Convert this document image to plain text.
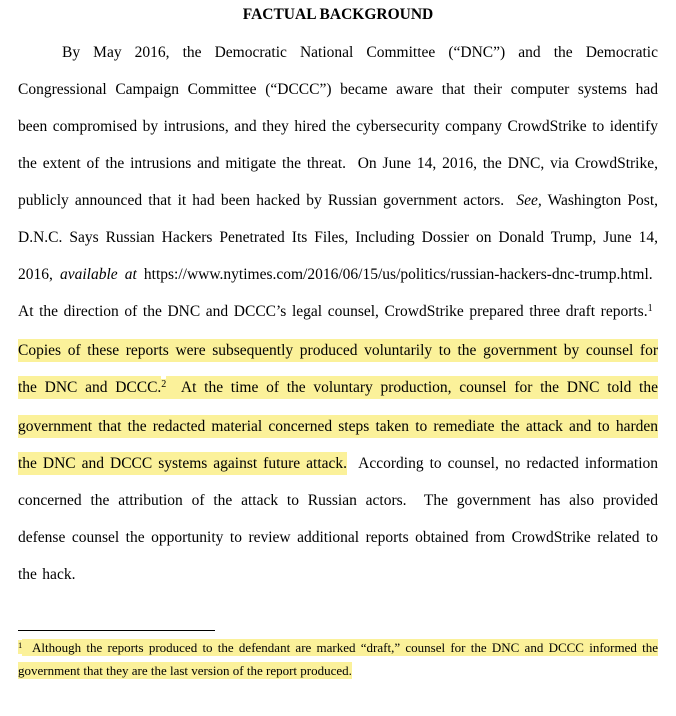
FACTUAL BACKGROUND

By May 2016, the Democratic National Committee (“DNC”) and the Democratic Congressional Campaign Committee (“DCCC”) became aware that their computer systems had been compromised by intrusions, and they hired the cybersecurity company CrowdStrike to identify the extent of the intrusions and mitigate the threat.  On June 14, 2016, the DNC, via CrowdStrike, publicly announced that it had been hacked by Russian government actors.  See, Washington Post, D.N.C. Says Russian Hackers Penetrated Its Files, Including Dossier on Donald Trump, June 14, 2016, available at https://www.nytimes.com/2016/06/15/us/politics/russian-hackers-dnc-trump.html.  At the direction of the DNC and DCCC’s legal counsel, CrowdStrike prepared three draft reports.$^1$  Copies of these reports were subsequently produced voluntarily to the government by counsel for the DNC and DCCC.$^2$  At the time of the voluntary production, counsel for the DNC told the government that the redacted material concerned steps taken to remediate the attack and to harden the DNC and DCCC systems against future attack.  According to counsel, no redacted information concerned the attribution of the attack to Russian actors.  The government has also provided defense counsel the opportunity to review additional reports obtained from CrowdStrike related to the hack.

$^1$  Although the reports produced to the defendant are marked “draft,” counsel for the DNC and DCCC informed the government that they are the last version of the report produced.
